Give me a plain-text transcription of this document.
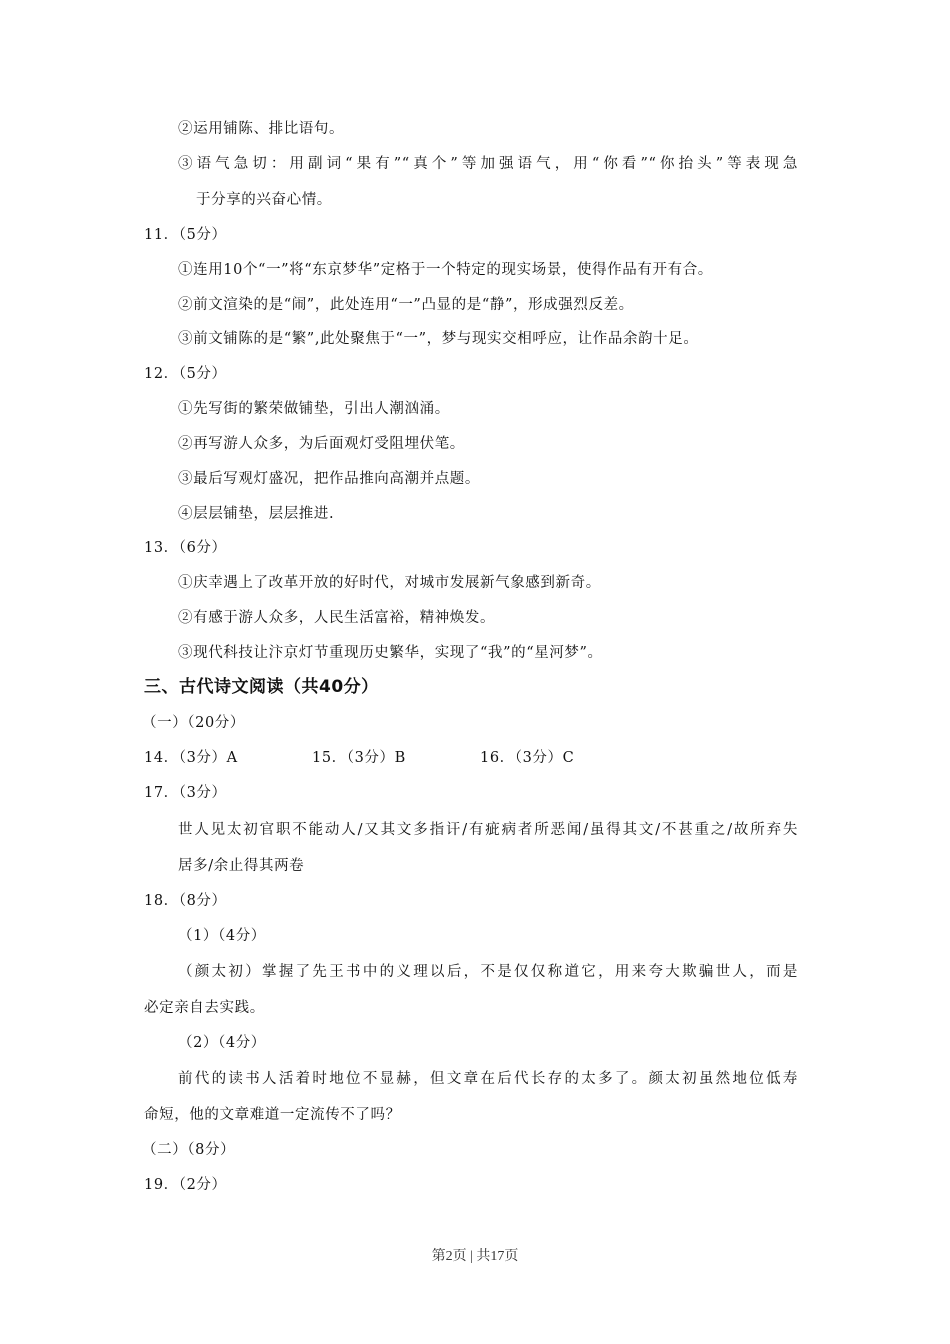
②运用铺陈、排比语句。
③语气急切：用副词“果有”“真个”等加强语气，用“你看”“你抬头”等表现急
于分享的兴奋心情。
11．（5分）
①连用10个“一”将“东京梦华”定格于一个特定的现实场景，使得作品有开有合。
②前文渲染的是“闹”，此处连用“一”凸显的是“静”，形成强烈反差。
③前文铺陈的是“繁”,此处聚焦于“一”，梦与现实交相呼应，让作品余韵十足。
12．（5分）
①先写街的繁荣做铺垫，引出人潮汹涌。
②再写游人众多，为后面观灯受阻埋伏笔。
③最后写观灯盛况，把作品推向高潮并点题。
④层层铺垫，层层推进.
13．（6分）
①庆幸遇上了改革开放的好时代，对城市发展新气象感到新奇。
②有感于游人众多，人民生活富裕，精神焕发。
③现代科技让汴京灯节重现历史繁华，实现了“我”的“星河梦”。
三、古代诗文阅读（共40分）
（一）（20分）
14．（3分）A	15．（3分）B	16．（3分）C
17．（3分）
世人见太初官职不能动人/又其文多指讦/有疵病者所恶闻/虽得其文/不甚重之/故所弃失
居多/余止得其两卷
18．（8分）
（1）（4分）
（颜太初）掌握了先王书中的义理以后，不是仅仅称道它，用来夸大欺骗世人，而是
必定亲自去实践。
（2）（4分）
前代的读书人活着时地位不显赫，但文章在后代长存的太多了。颜太初虽然地位低寿
命短，他的文章难道一定流传不了吗？
（二）（8分）
19．（2分）
第2页 | 共17页
